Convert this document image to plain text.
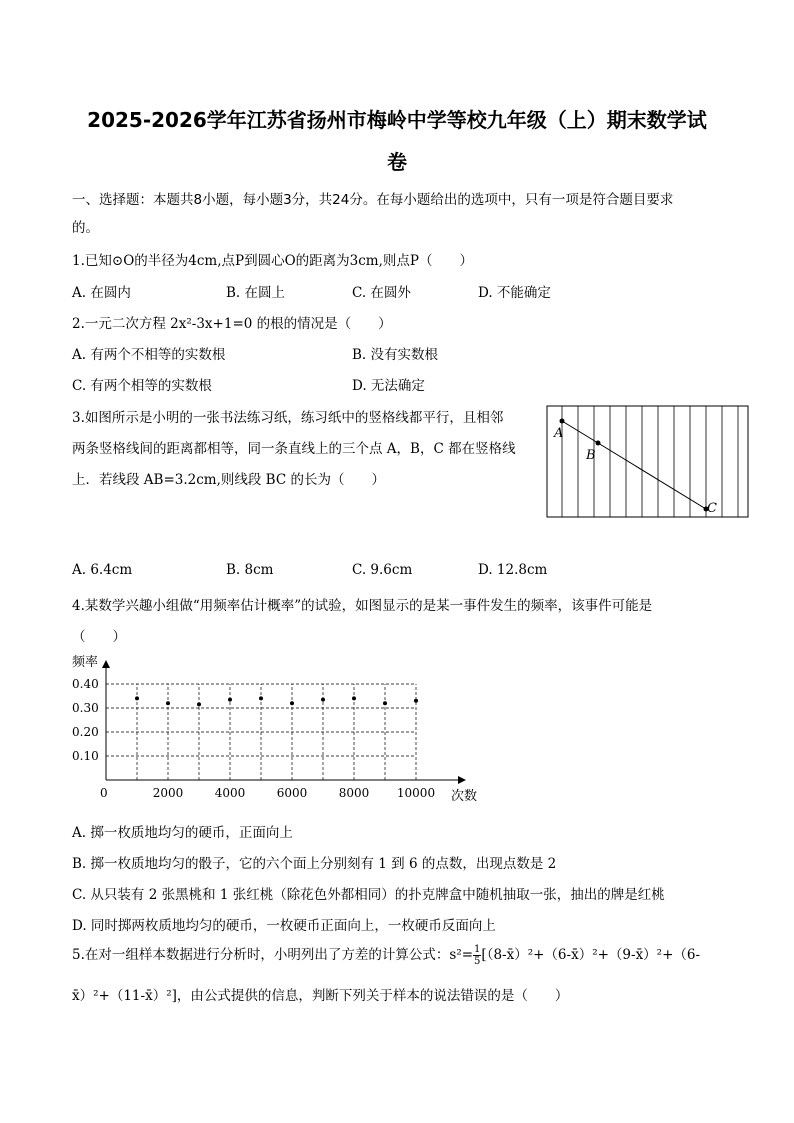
2025-2026学年江苏省扬州市梅岭中学等校九年级（上）期末数学试
卷
一、选择题：本题共8小题，每小题3分，共24分。在每小题给出的选项中，只有一项是符合题目要求
的。
1.已知⊙O的半径为4cm,点P到圆心O的距离为3cm,则点P（　　）
A. 在圆内	B. 在圆上	C. 在圆外	D. 不能确定
2.一元二次方程 2x²-3x+1=0 的根的情况是（　　）
A. 有两个不相等的实数根	B. 没有实数根
C. 有两个相等的实数根	D. 无法确定
3.如图所示是小明的一张书法练习纸，练习纸中的竖格线都平行，且相邻
两条竖格线间的距离都相等，同一条直线上的三个点 A，B，C 都在竖格线
上．若线段 AB=3.2cm,则线段 BC 的长为（　　）
A
B
C
A. 6.4cm	B. 8cm	C. 9.6cm	D. 12.8cm
4.某数学兴趣小组做“用频率估计概率”的试验，如图显示的是某一事件发生的频率，该事件可能是
（　　）
0.10
0.20
0.30
0.40
2000	4000	6000	8000 10000
频率
次数
0
A. 掷一枚质地均匀的硬币，正面向上
B. 掷一枚质地均匀的骰子，它的六个面上分别刻有 1 到 6 的点数，出现点数是 2
C. 从只装有 2 张黑桃和 1 张红桃（除花色外都相同）的扑克牌盒中随机抽取一张，抽出的牌是红桃
D. 同时掷两枚质地均匀的硬币，一枚硬币正面向上，一枚硬币反面向上
5.在对一组样本数据进行分析时，小明列出了方差的计算公式：$s^2= \frac{1}{5}$ [（8-x̄）²+（6-x̄）²+（9-x̄）²+（6-
x̄）²+（11-x̄）²]，由公式提供的信息，判断下列关于样本的说法错误的是（　　）
